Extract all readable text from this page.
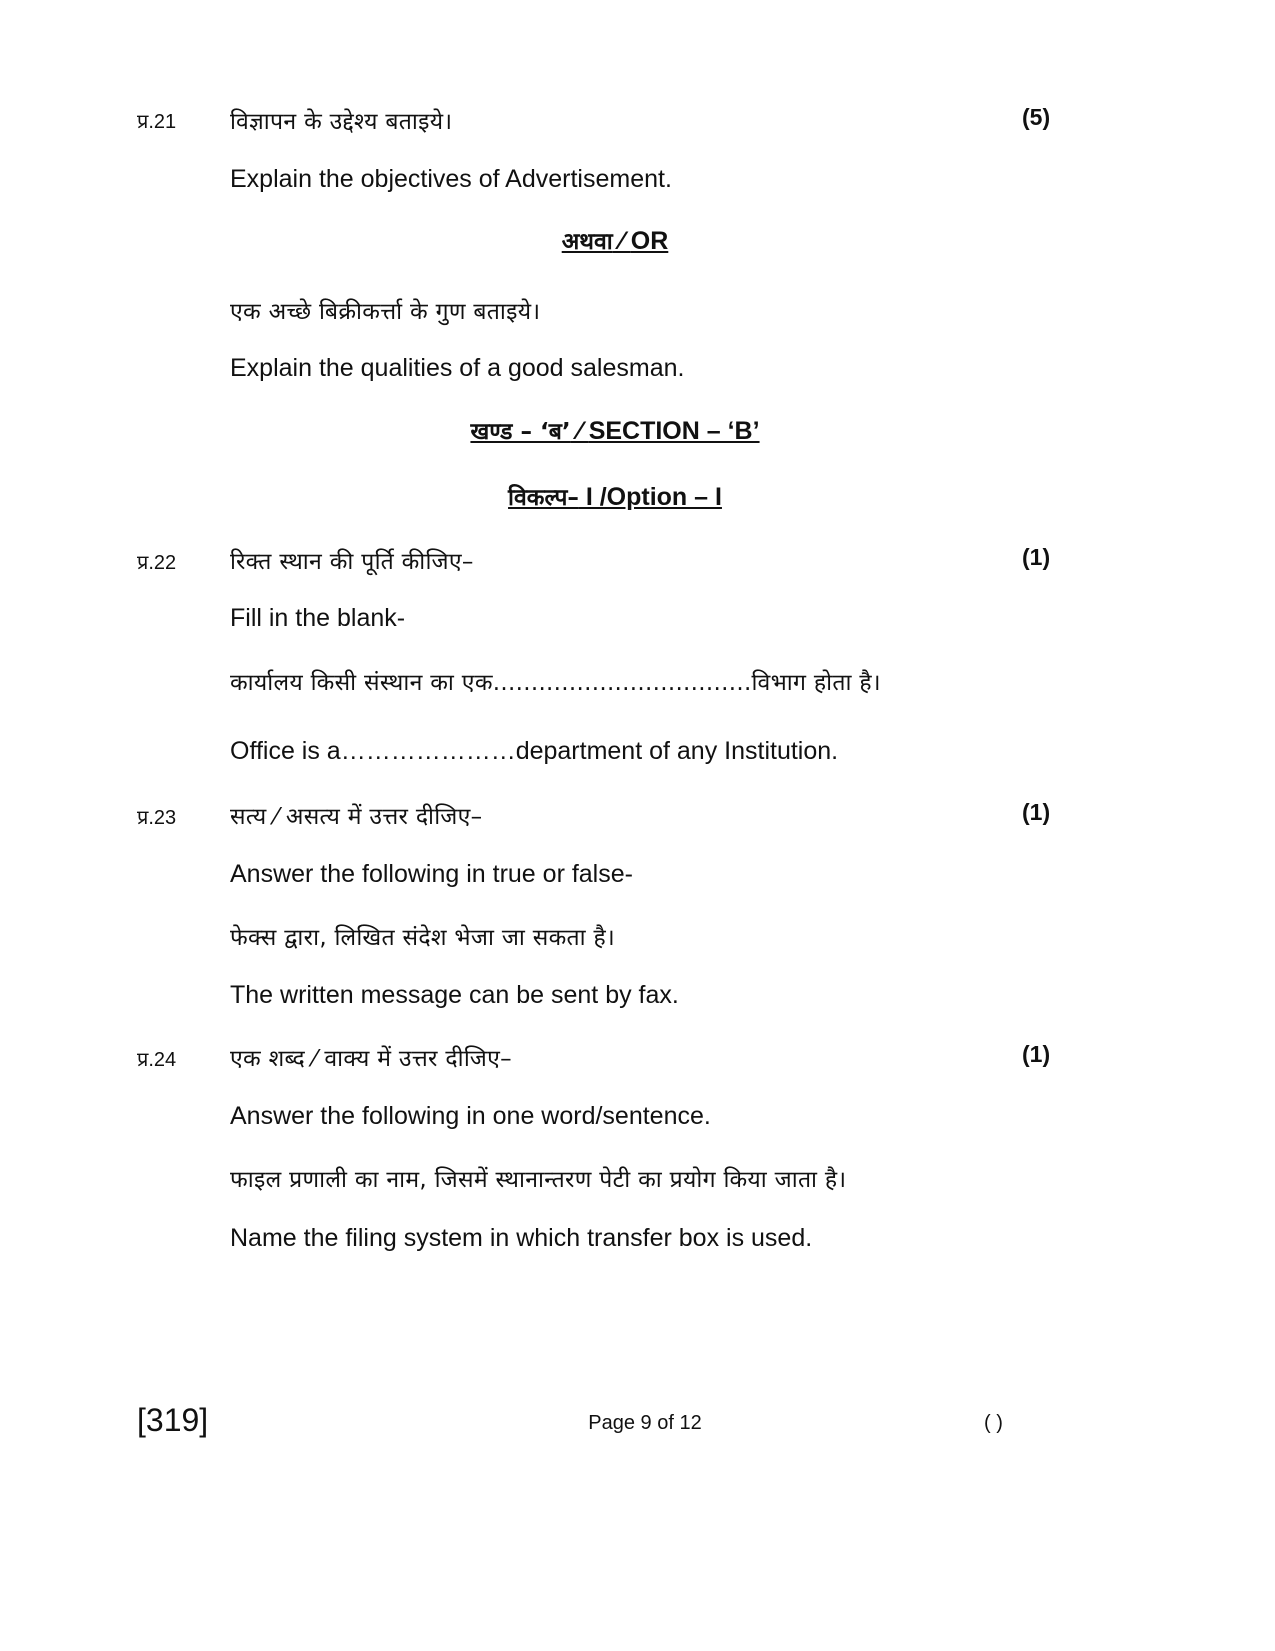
प्र.21 विज्ञापन के उद्देश्य बताइये।	(5)
Explain the objectives of Advertisement.
अथवा ⁄ OR
एक अच्छे बिक्रीकर्त्ता के गुण बताइये।
Explain the qualities of a good salesman.
खण्ड – ‘ब’ ⁄ SECTION – ‘B’
विकल्प– I /Option – I
प्र.22 रिक्त स्थान की पूर्ति कीजिए–	(1)
Fill in the blank-
कार्यालय किसी संस्थान का एक..................................विभाग होता है।
Office is a…………………department of any Institution.
प्र.23 सत्य ⁄ असत्य में उत्तर दीजिए–	(1)
Answer the following in true or false-
फेक्स द्वारा, लिखित संदेश भेजा जा सकता है।
The written message can be sent by fax.
प्र.24 एक शब्द ⁄ वाक्य में उत्तर दीजिए–	(1)
Answer the following in one word/sentence.
फाइल प्रणाली का नाम, जिसमें स्थानान्तरण पेटी का प्रयोग किया जाता है।
Name the filing system in which transfer box is used.
[319]	Page 9 of 12	( )
